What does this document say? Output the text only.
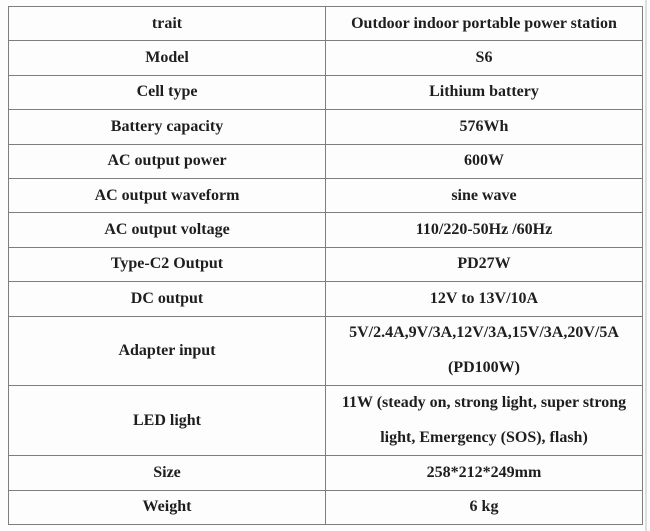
trait	Outdoor indoor portable power station

Model	S6

Cell type	Lithium battery

Battery capacity	576Wh

AC output power	600W

AC output waveform	sine wave

AC output voltage	110/220-50Hz /60Hz

Type-C2 Output	PD27W

DC output	12V to 13V/10A

Adapter input	5V/2.4A,9V/3A,12V/3A,15V/3A,20V/5A
(PD100W)

LED light	11W (steady on, strong light, super strong
light, Emergency (SOS), flash)

Size	258*212*249mm

Weight	6 kg
